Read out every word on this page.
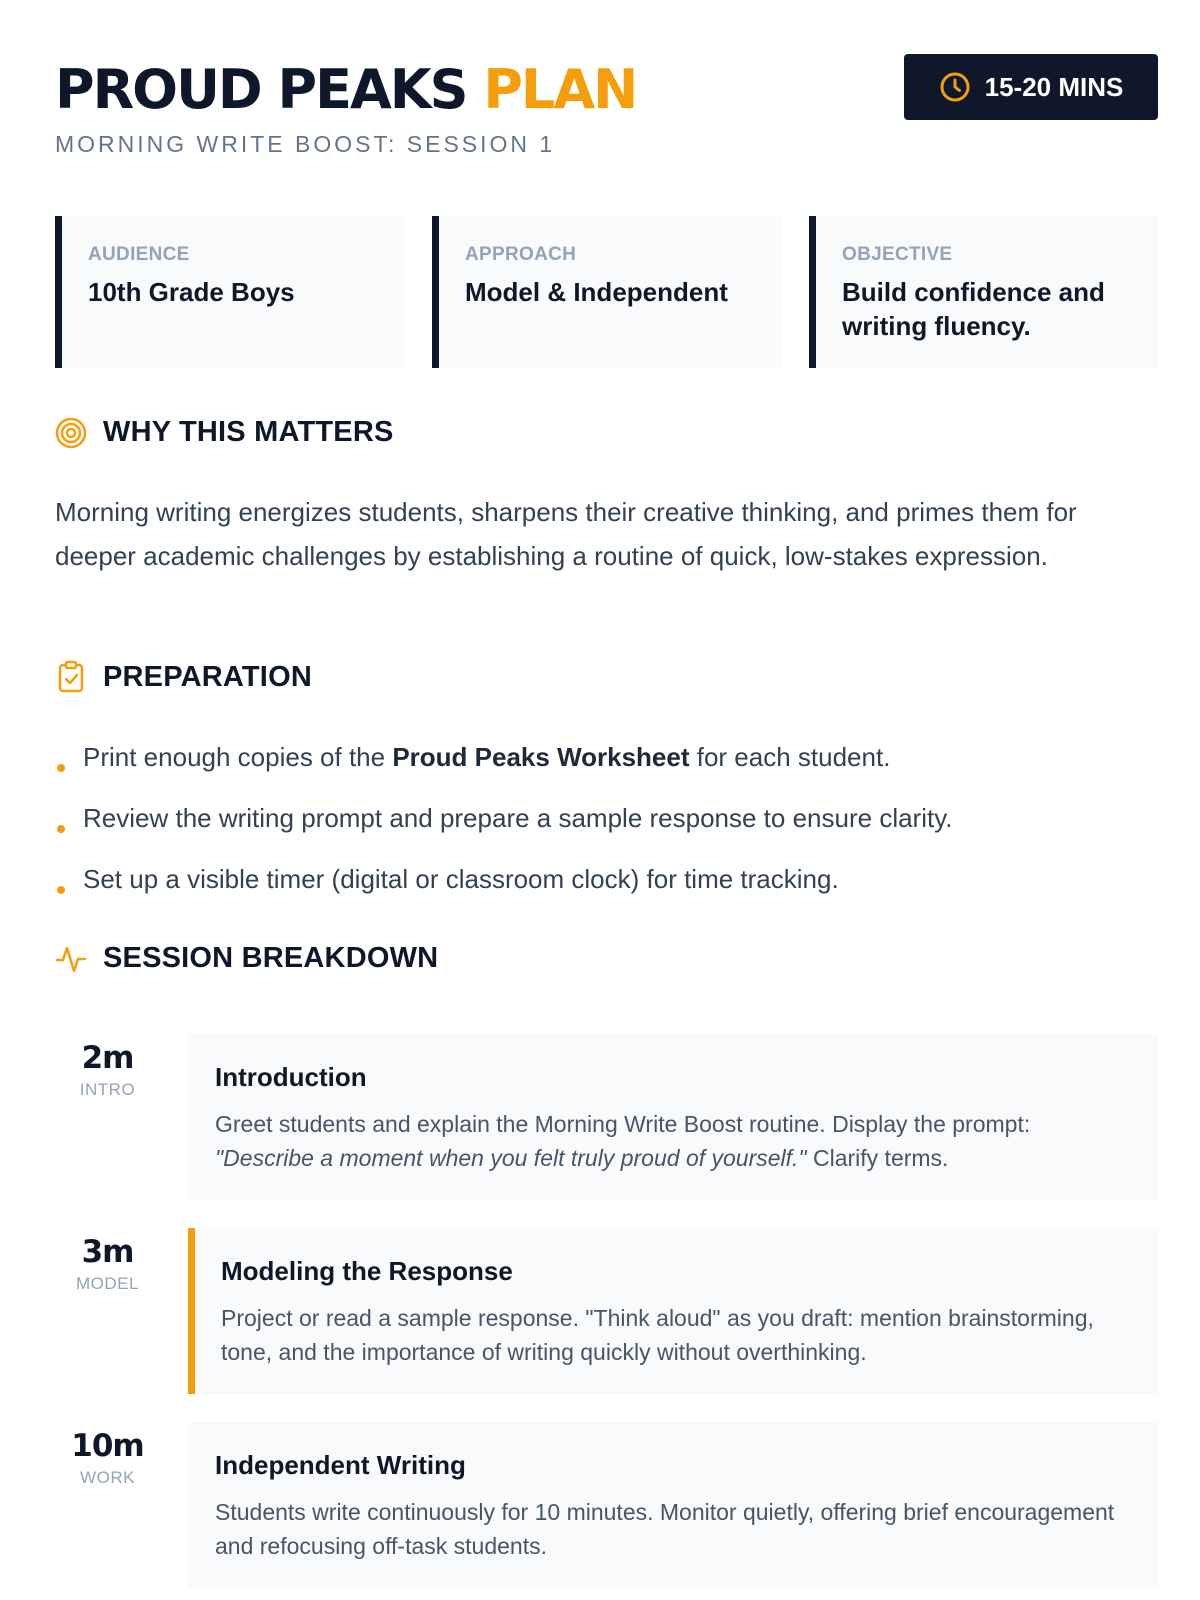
PROUD PEAKS PLAN
MORNING WRITE BOOST: SESSION 1
15-20 MINS
AUDIENCE
10th Grade Boys
APPROACH
Model & Independent
OBJECTIVE
Build confidence and writing fluency.
WHY THIS MATTERS

Morning writing energizes students, sharpens their creative thinking, and primes them for deeper academic challenges by establishing a routine of quick, low-stakes expression.

PREPARATION
Print enough copies of the Proud Peaks Worksheet for each student.
Review the writing prompt and prepare a sample response to ensure clarity.
Set up a visible timer (digital or classroom clock) for time tracking.
SESSION BREAKDOWN
2m
INTRO	Introduction
Greet students and explain the Morning Write Boost routine. Display the prompt: "Describe a moment when you felt truly proud of yourself." Clarify terms.
3m
MODEL	Modeling the Response
Project or read a sample response. "Think aloud" as you draft: mention brainstorming, tone, and the importance of writing quickly without overthinking.
10m
WORK	Independent Writing
Students write continuously for 10 minutes. Monitor quietly, offering brief encouragement and refocusing off-task students.
